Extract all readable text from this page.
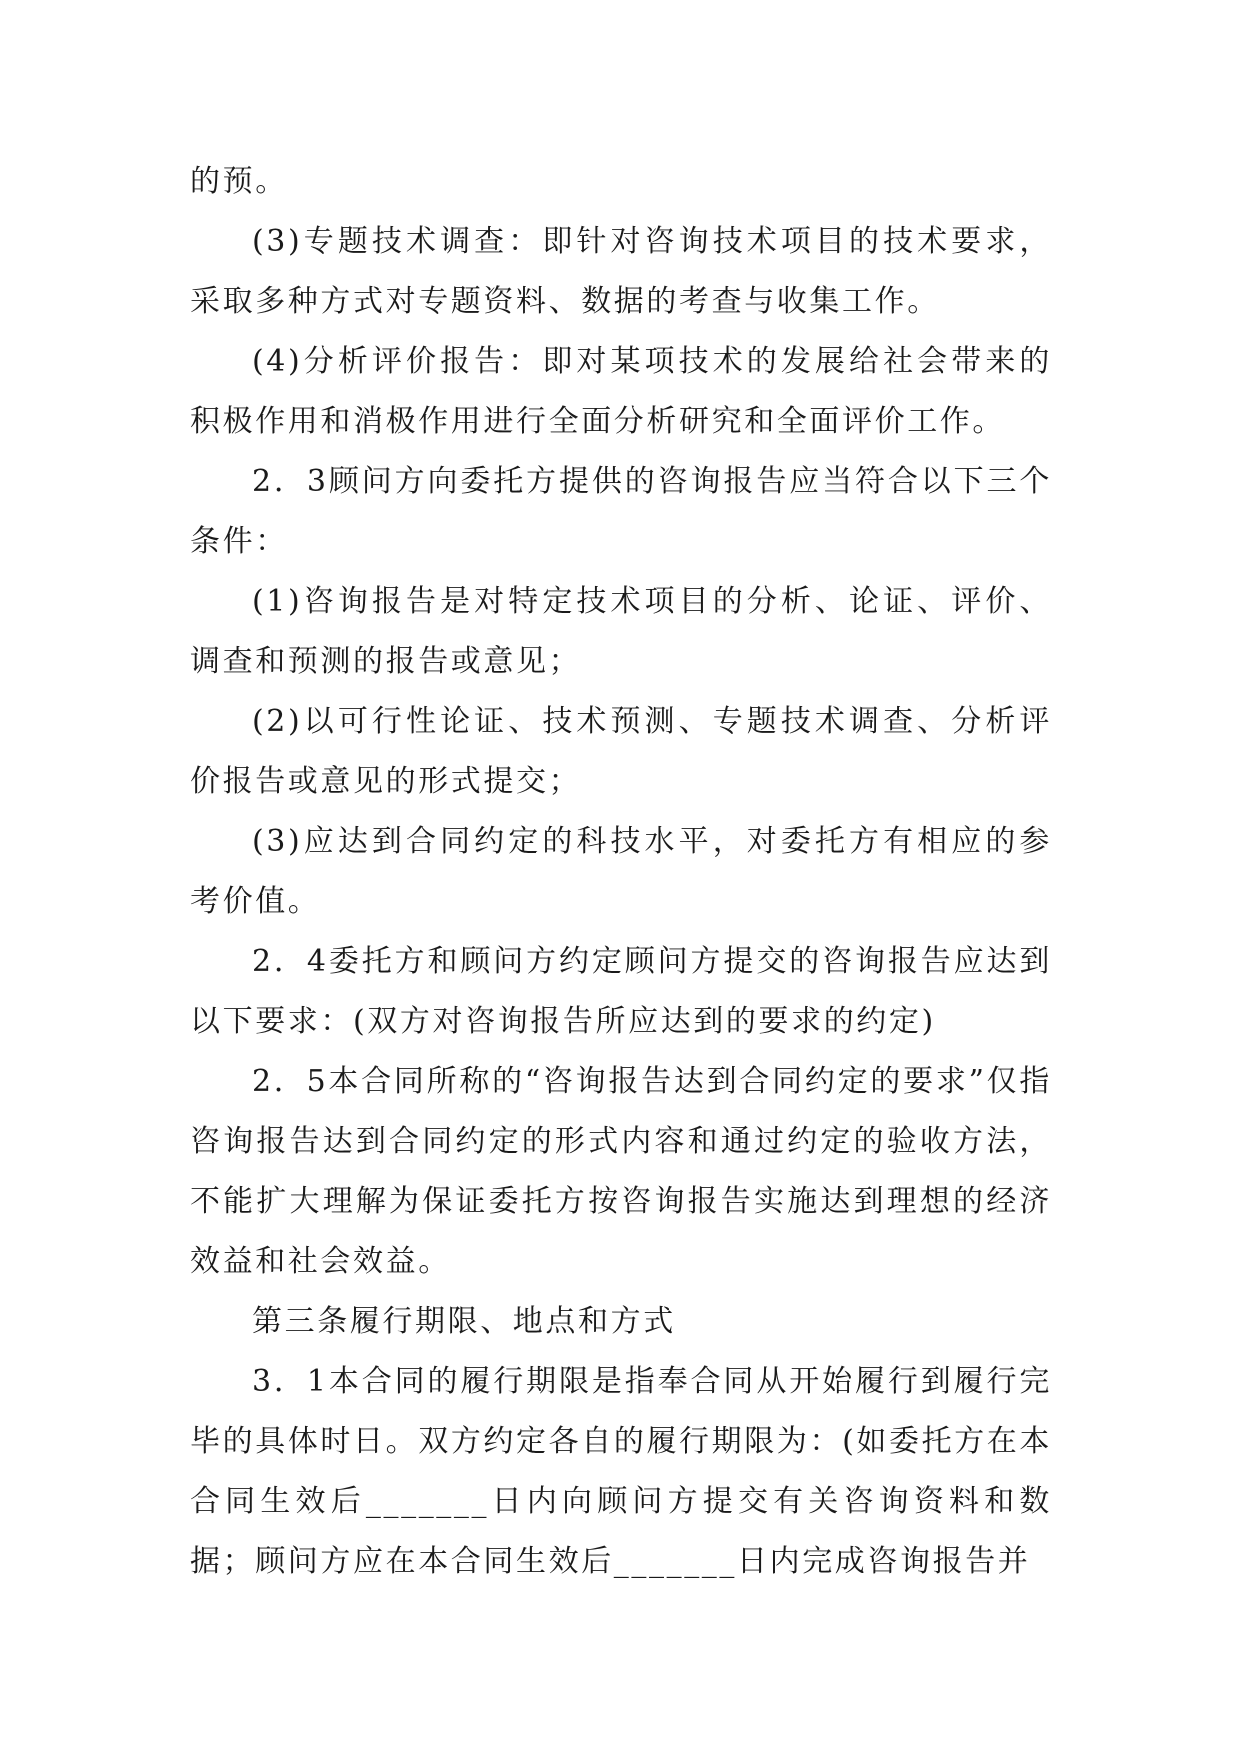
的预。

(3)专题技术调查：即针对咨询技术项目的技术要求，采取多种方式对专题资料、数据的考查与收集工作。

(4)分析评价报告：即对某项技术的发展给社会带来的积极作用和消极作用进行全面分析研究和全面评价工作。

2．3顾问方向委托方提供的咨询报告应当符合以下三个条件：

(1)咨询报告是对特定技术项目的分析、论证、评价、调查和预测的报告或意见；

(2)以可行性论证、技术预测、专题技术调查、分析评价报告或意见的形式提交；

(3)应达到合同约定的科技水平，对委托方有相应的参考价值。

2．4委托方和顾问方约定顾问方提交的咨询报告应达到以下要求：(双方对咨询报告所应达到的要求的约定)

2．5本合同所称的“咨询报告达到合同约定的要求”仅指咨询报告达到合同约定的形式内容和通过约定的验收方法，不能扩大理解为保证委托方按咨询报告实施达到理想的经济效益和社会效益。

第三条履行期限、地点和方式

3．1本合同的履行期限是指奉合同从开始履行到履行完毕的具体时日。双方约定各自的履行期限为：(如委托方在本合同生效后_______日内向顾问方提交有关咨询资料和数据；顾问方应在本合同生效后_______日内完成咨询报告并
